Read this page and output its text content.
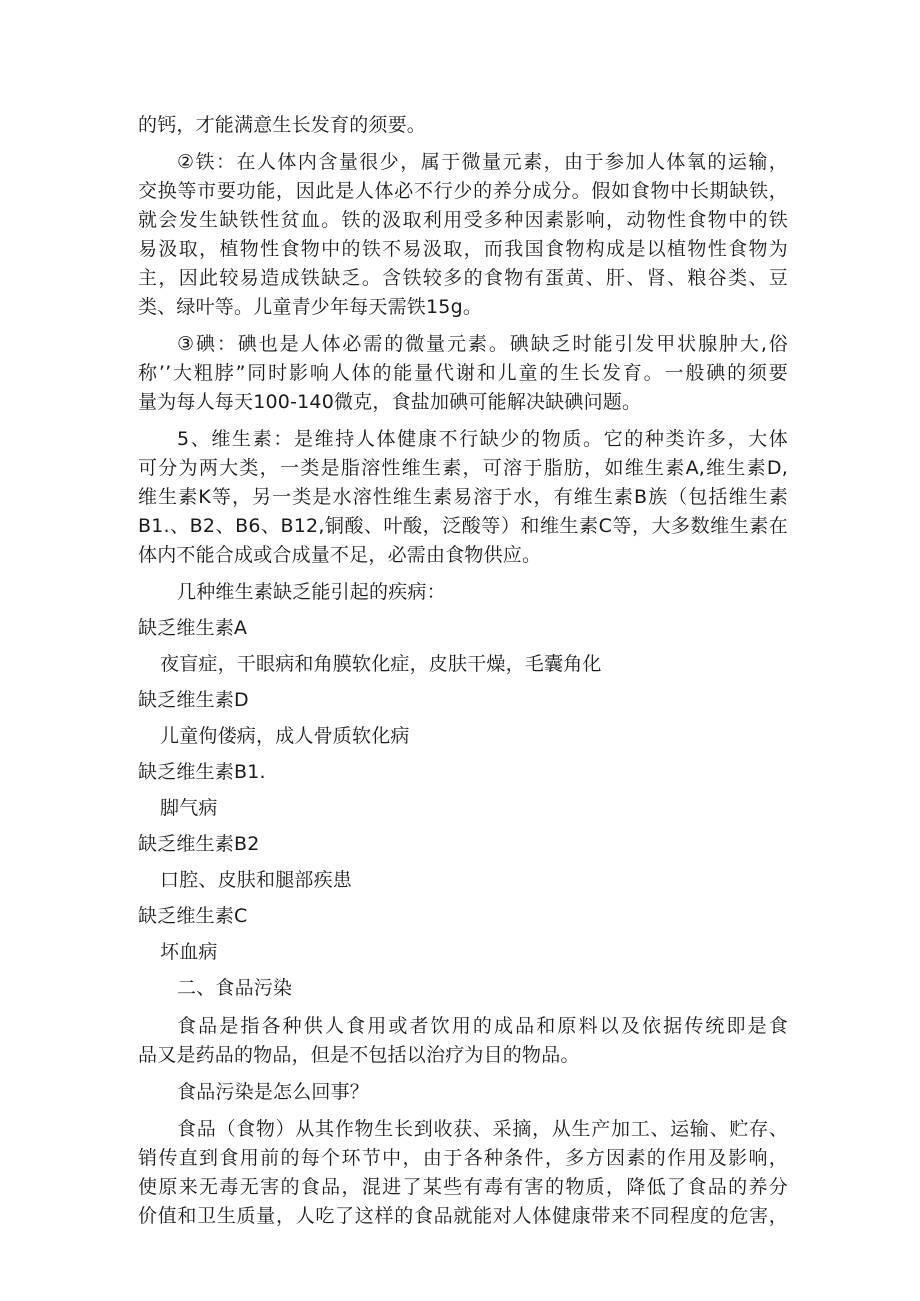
的钙，才能满意生长发育的须要。
②铁：在人体内含量很少，属于微量元素，由于参加人体氧的运输，
交换等市要功能，因此是人体必不行少的养分成分。假如食物中长期缺铁，
就会发生缺铁性贫血。铁的汲取利用受多种因素影响，动物性食物中的铁
易汲取，植物性食物中的铁不易汲取，而我国食物构成是以植物性食物为
主，因此较易造成铁缺乏。含铁较多的食物有蛋黄、肝、肾、粮谷类、豆
类、绿叶等。儿童青少年每天需铁15g。
③碘：碘也是人体必需的微量元素。碘缺乏时能引发甲状腺肿大,俗
称’’大粗脖”同时影响人体的能量代谢和儿童的生长发育。一般碘的须要
量为每人每天100-140微克，食盐加碘可能解决缺碘问题。
5、维生素：是维持人体健康不行缺少的物质。它的种类许多，大体
可分为两大类，一类是脂溶性维生素，可溶于脂肪，如维生素A,维生素D,
维生素K等，另一类是水溶性维生素易溶于水，有维生素B族（包括维生素
B1.、B2、B6、B12,铜酸、叶酸，泛酸等）和维生素C等，大多数维生素在
体内不能合成或合成量不足，必需由食物供应。
几种维生素缺乏能引起的疾病：
缺乏维生素A
夜盲症，干眼病和角膜软化症，皮肤干燥，毛囊角化
缺乏维生素D
儿童佝偻病，成人骨质软化病
缺乏维生素B1.
脚气病
缺乏维生素B2
口腔、皮肤和腿部疾患
缺乏维生素C
坏血病
二、食品污染
食品是指各种供人食用或者饮用的成品和原料以及依据传统即是食
品又是药品的物品，但是不包括以治疗为目的物品。
食品污染是怎么回事？
食品（食物）从其作物生长到收获、采摘，从生产加工、运输、贮存、
销传直到食用前的每个环节中，由于各种条件，多方因素的作用及影响，
使原来无毒无害的食品，混进了某些有毒有害的物质，降低了食品的养分
价值和卫生质量，人吃了这样的食品就能对人体健康带来不同程度的危害，
